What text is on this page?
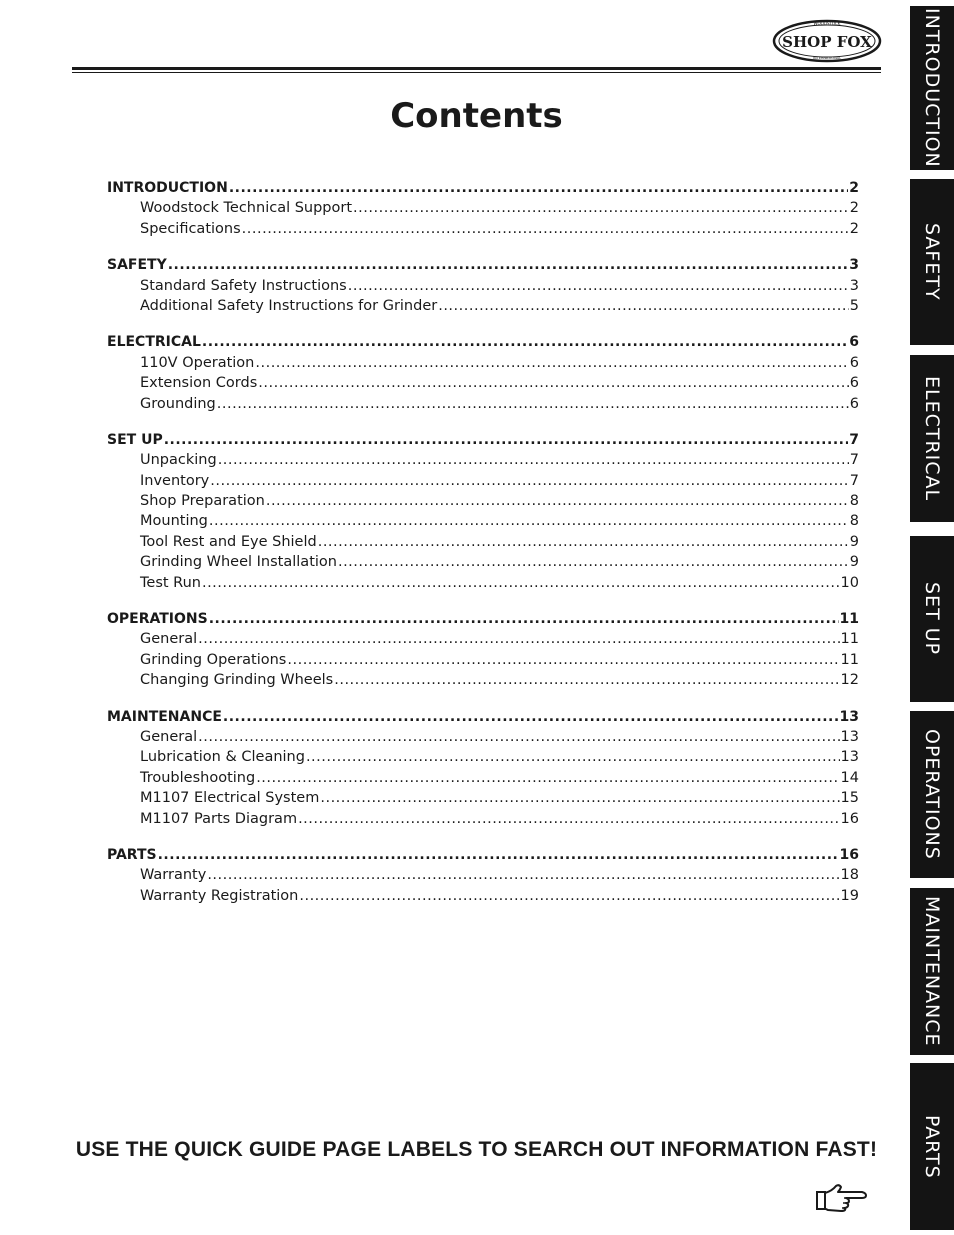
SHOP FOX
WOODSTOCK
INTERNATIONAL
Contents
INTRODUCTION .....	2
Woodstock Technical Support .....	2
Specifications .....	2
SAFETY .....	3
Standard Safety Instructions .....	3
Additional Safety Instructions for Grinder .....	5
ELECTRICAL .....	6
110V Operation .....	6
Extension Cords .....	6
Grounding .....	6
SET UP .....	7
Unpacking .....	7
Inventory .....	7
Shop Preparation .....	8
Mounting .....	8
Tool Rest and Eye Shield .....	9
Grinding Wheel Installation .....	9
Test Run .....	10
OPERATIONS .....	11
General .....	11
Grinding Operations .....	11
Changing Grinding Wheels .....	12
MAINTENANCE .....	13
General .....	13
Lubrication & Cleaning .....	13
Troubleshooting .....	14
M1107 Electrical System .....	15
M1107 Parts Diagram .....	16
PARTS .....	16
Warranty .....	18
Warranty Registration .....	19
INTRODUCTION
SAFETY
ELECTRICAL
SET UP
OPERATIONS
MAINTENANCE
PARTS
USE THE QUICK GUIDE PAGE LABELS TO SEARCH OUT INFORMATION FAST!
